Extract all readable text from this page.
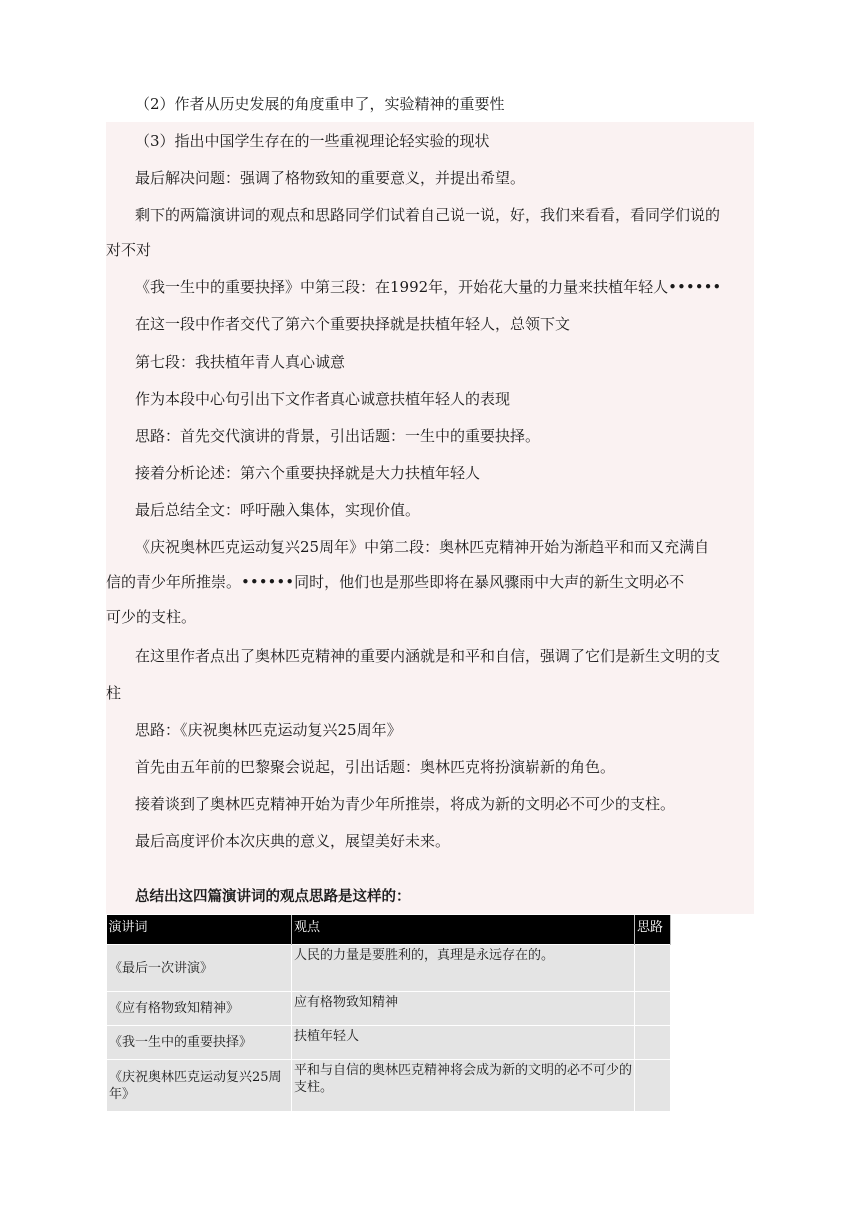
（2）作者从历史发展的角度重申了，实验精神的重要性
（3）指出中国学生存在的一些重视理论轻实验的现状
最后解决问题：强调了格物致知的重要意义，并提出希望。
剩下的两篇演讲词的观点和思路同学们试着自己说一说，好，我们来看看，看同学们说的
对不对
《我一生中的重要抉择》中第三段：在1992年，开始花大量的力量来扶植年轻人••••••
在这一段中作者交代了第六个重要抉择就是扶植年轻人，总领下文
第七段：我扶植年青人真心诚意
作为本段中心句引出下文作者真心诚意扶植年轻人的表现
思路：首先交代演讲的背景，引出话题：一生中的重要抉择。
接着分析论述：第六个重要抉择就是大力扶植年轻人
最后总结全文：呼吁融入集体，实现价值。
《庆祝奥林匹克运动复兴25周年》中第二段：奥林匹克精神开始为渐趋平和而又充满自
信的青少年所推崇。••••••同时，他们也是那些即将在暴风骤雨中大声的新生文明必不
可少的支柱。
在这里作者点出了奥林匹克精神的重要内涵就是和平和自信，强调了它们是新生文明的支
柱
思路：《庆祝奥林匹克运动复兴25周年》
首先由五年前的巴黎聚会说起，引出话题：奥林匹克将扮演崭新的角色。
接着谈到了奥林匹克精神开始为青少年所推崇，将成为新的文明必不可少的支柱。
最后高度评价本次庆典的意义，展望美好未来。
总结出这四篇演讲词的观点思路是这样的：
演讲词	观点	思路
《最后一次讲演》	人民的力量是要胜利的，真理是永远存在的。	
《应有格物致知精神》	应有格物致知精神	
《我一生中的重要抉择》	扶植年轻人	
《庆祝奥林匹克运动复兴25周年》	平和与自信的奥林匹克精神将会成为新的文明的必不可少的支柱。	
